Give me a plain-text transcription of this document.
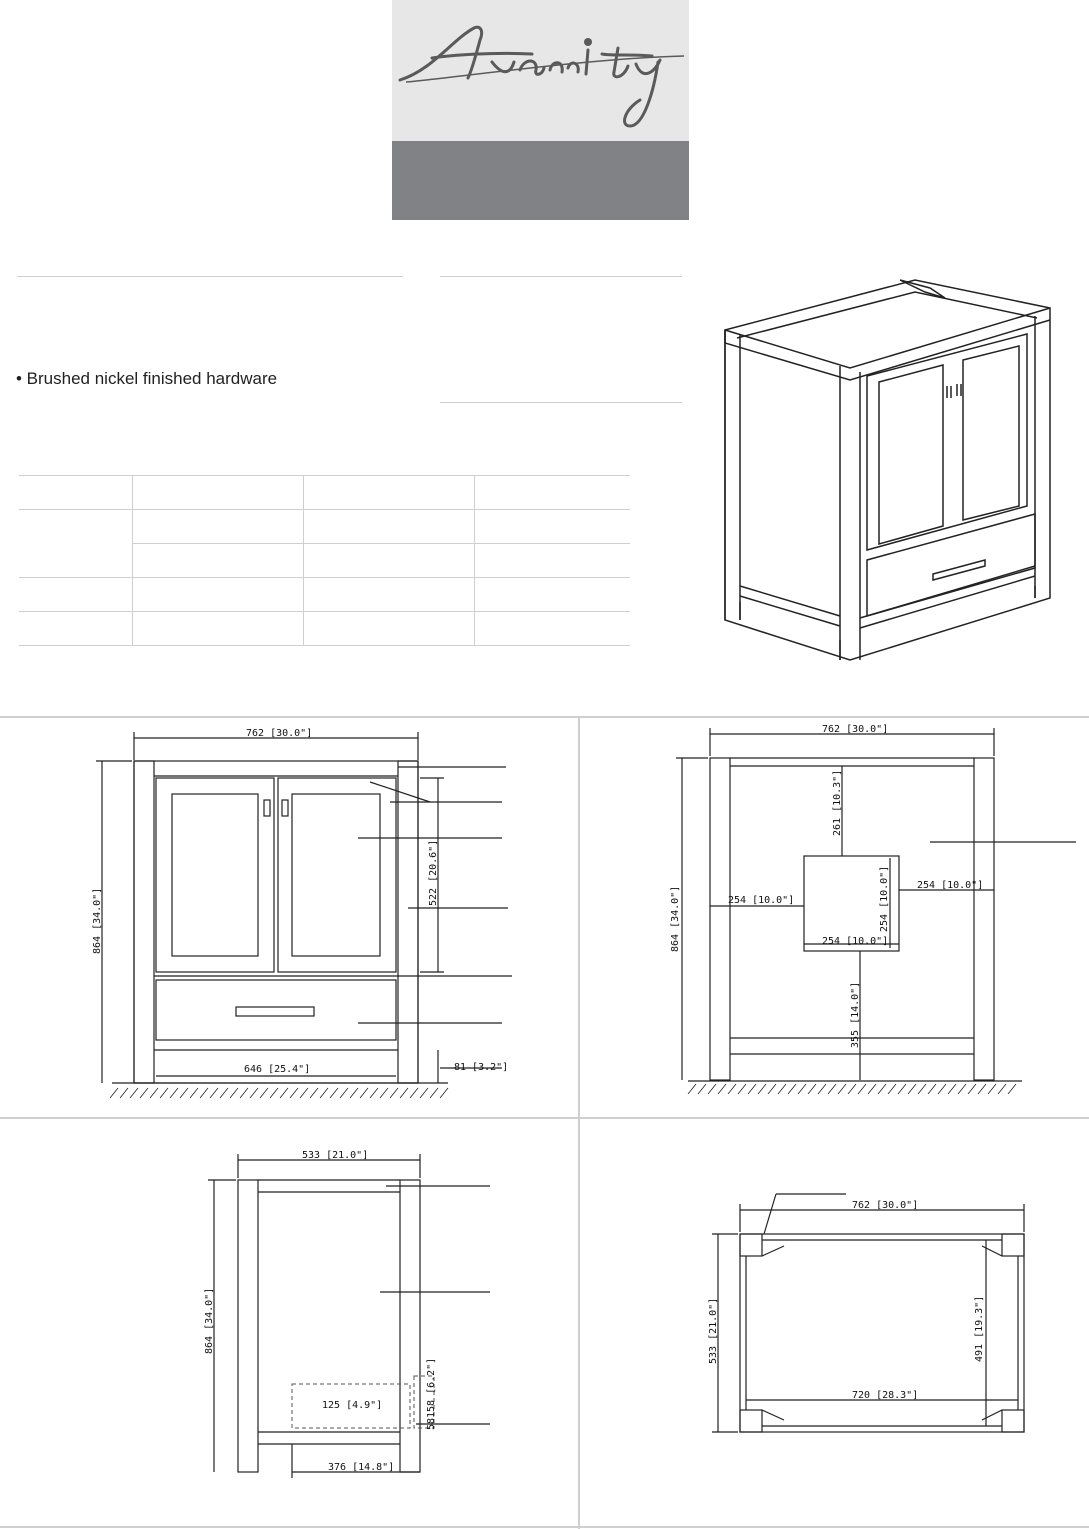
• Brushed nickel finished hardware

762 [30.0"]
864 [34.0"]
522 [20.6"]
646 [25.4"]	81 [3.2"]
762 [30.0"]
864 [34.0"]
261 [10.3"]
254 [10.0"]
254 [10.0"]
254 [10.0"]
254 [10.0"]
355 [14.0"]
533 [21.0"]
864 [34.0"]
125 [4.9"]	158 [6.2"]
58
376 [14.8"]
762 [30.0"]
533 [21.0"]	491 [19.3"]
720 [28.3"]
